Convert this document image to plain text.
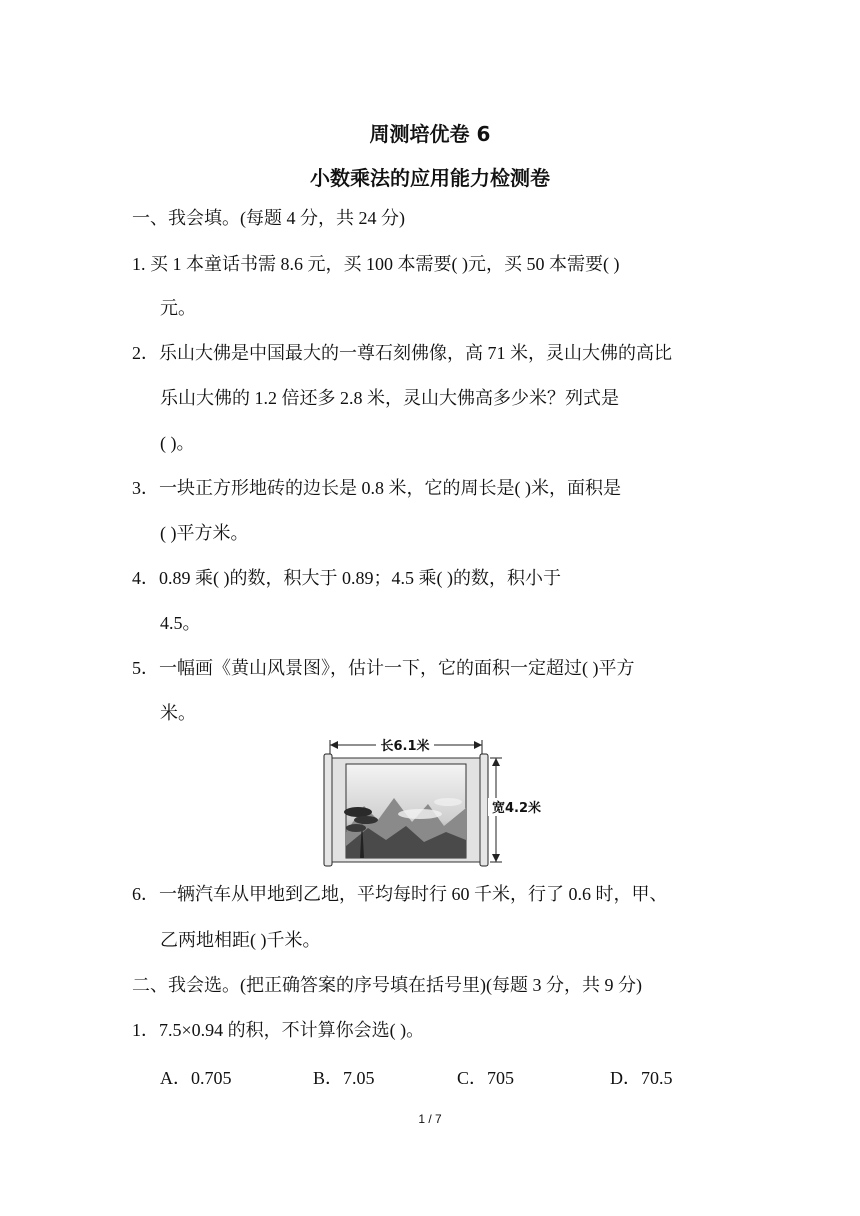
周测培优卷 6
小数乘法的应用能力检测卷
一、我会填。(每题 4 分，共 24 分)
1. 买 1 本童话书需 8.6 元，买 100 本需要( )元，买 50 本需要( )
元。
2．乐山大佛是中国最大的一尊石刻佛像，高 71 米，灵山大佛的高比
乐山大佛的 1.2 倍还多 2.8 米，灵山大佛高多少米？列式是
( )。
3．一块正方形地砖的边长是 0.8 米，它的周长是( )米，面积是
( )平方米。
4．0.89 乘( )的数，积大于 0.89；4.5 乘( )的数，积小于
4.5。
5．一幅画《黄山风景图》，估计一下，它的面积一定超过( )平方
米。
长6.1米
宽4.2米
6．一辆汽车从甲地到乙地，平均每时行 60 千米，行了 0.6 时，甲、
乙两地相距( )千米。
二、我会选。(把正确答案的序号填在括号里)(每题 3 分，共 9 分)
1．7.5×0.94 的积，不计算你会选( )。
A．0.705	B．7.05	C．705	D．70.5
1 / 7
